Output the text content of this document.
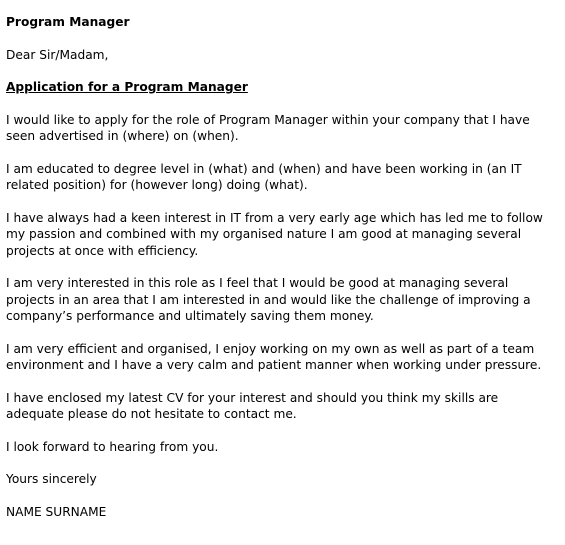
Program Manager

Dear Sir/Madam,

Application for a Program Manager

I would like to apply for the role of Program Manager within your company that I have seen advertised in (where) on (when).

I am educated to degree level in (what) and (when) and have been working in (an IT related position) for (however long) doing (what).

I have always had a keen interest in IT from a very early age which has led me to follow my passion and combined with my organised nature I am good at managing several projects at once with efficiency.

I am very interested in this role as I feel that I would be good at managing several projects in an area that I am interested in and would like the challenge of improving a company’s performance and ultimately saving them money.

I am very efficient and organised, I enjoy working on my own as well as part of a team environment and I have a very calm and patient manner when working under pressure.

I have enclosed my latest CV for your interest and should you think my skills are adequate please do not hesitate to contact me.

I look forward to hearing from you.

Yours sincerely

NAME SURNAME
